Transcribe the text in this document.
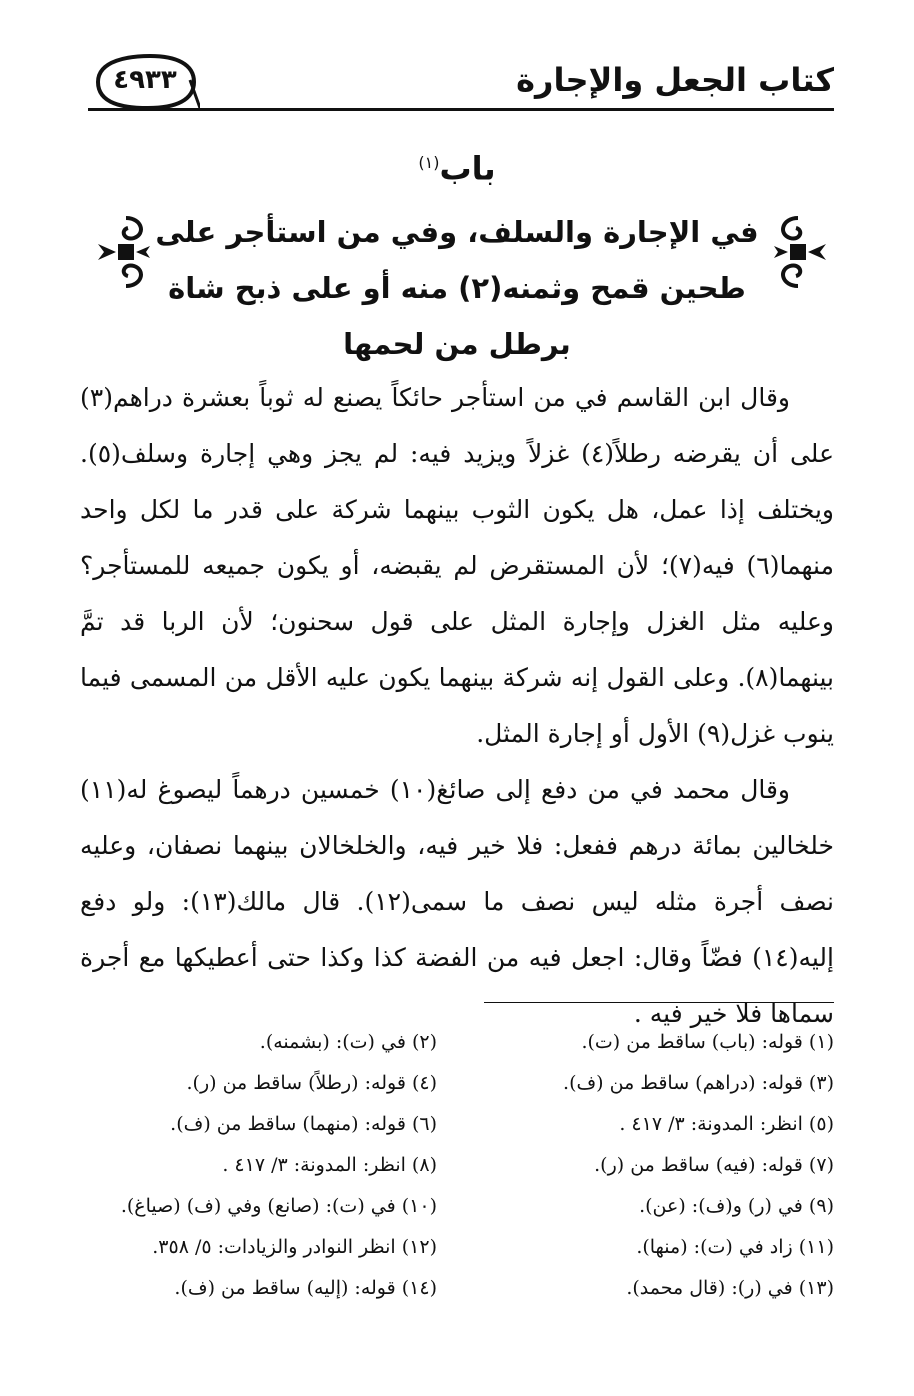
كتاب الجعل والإجارة
٤٩٣٣
باب$^{(١)}$
في الإجارة والسلف، وفي من استأجر على
طحين قمح وثمنه(٢) منه أو على ذبح شاة
برطل من لحمها

وقال ابن القاسم في من استأجر حائكاً يصنع له ثوباً بعشرة دراهم(٣) على أن يقرضه رطلاً(٤) غزلاً ويزيد فيه: لم يجز وهي إجارة وسلف(٥). ويختلف إذا عمل، هل يكون الثوب بينهما شركة على قدر ما لكل واحد منهما(٦) فيه(٧)؛ لأن المستقرض لم يقبضه، أو يكون جميعه للمستأجر؟ وعليه مثل الغزل وإجارة المثل على قول سحنون؛ لأن الربا قد تمَّ بينهما(٨). وعلى القول إنه شركة بينهما يكون عليه الأقل من المسمى فيما ينوب غزل(٩) الأول أو إجارة المثل.

وقال محمد في من دفع إلى صائغ(١٠) خمسين درهماً ليصوغ له(١١) خلخالين بمائة درهم ففعل: فلا خير فيه، والخلخالان بينهما نصفان، وعليه نصف أجرة مثله ليس نصف ما سمى(١٢). قال مالك(١٣): ولو دفع إليه(١٤) فضّاً وقال: اجعل فيه من الفضة كذا وكذا حتى أعطيكها مع أجرة سماها فلا خير فيه .

(١) قوله: (باب) ساقط من (ت).
(٢) في (ت): (بشمنه).
(٣) قوله: (دراهم) ساقط من (ف).
(٤) قوله: (رطلاً) ساقط من (ر).
(٥) انظر: المدونة: ٣/ ٤١٧ .
(٦) قوله: (منهما) ساقط من (ف).
(٧) قوله: (فيه) ساقط من (ر).
(٨) انظر: المدونة: ٣/ ٤١٧ .
(٩) في (ر) و(ف): (عن).
(١٠) في (ت): (صانع) وفي (ف) (صياغ).
(١١) زاد في (ت): (منها).
(١٢) انظر النوادر والزيادات: ٥/ ٣٥٨.
(١٣) في (ر): (قال محمد).
(١٤) قوله: (إليه) ساقط من (ف).
